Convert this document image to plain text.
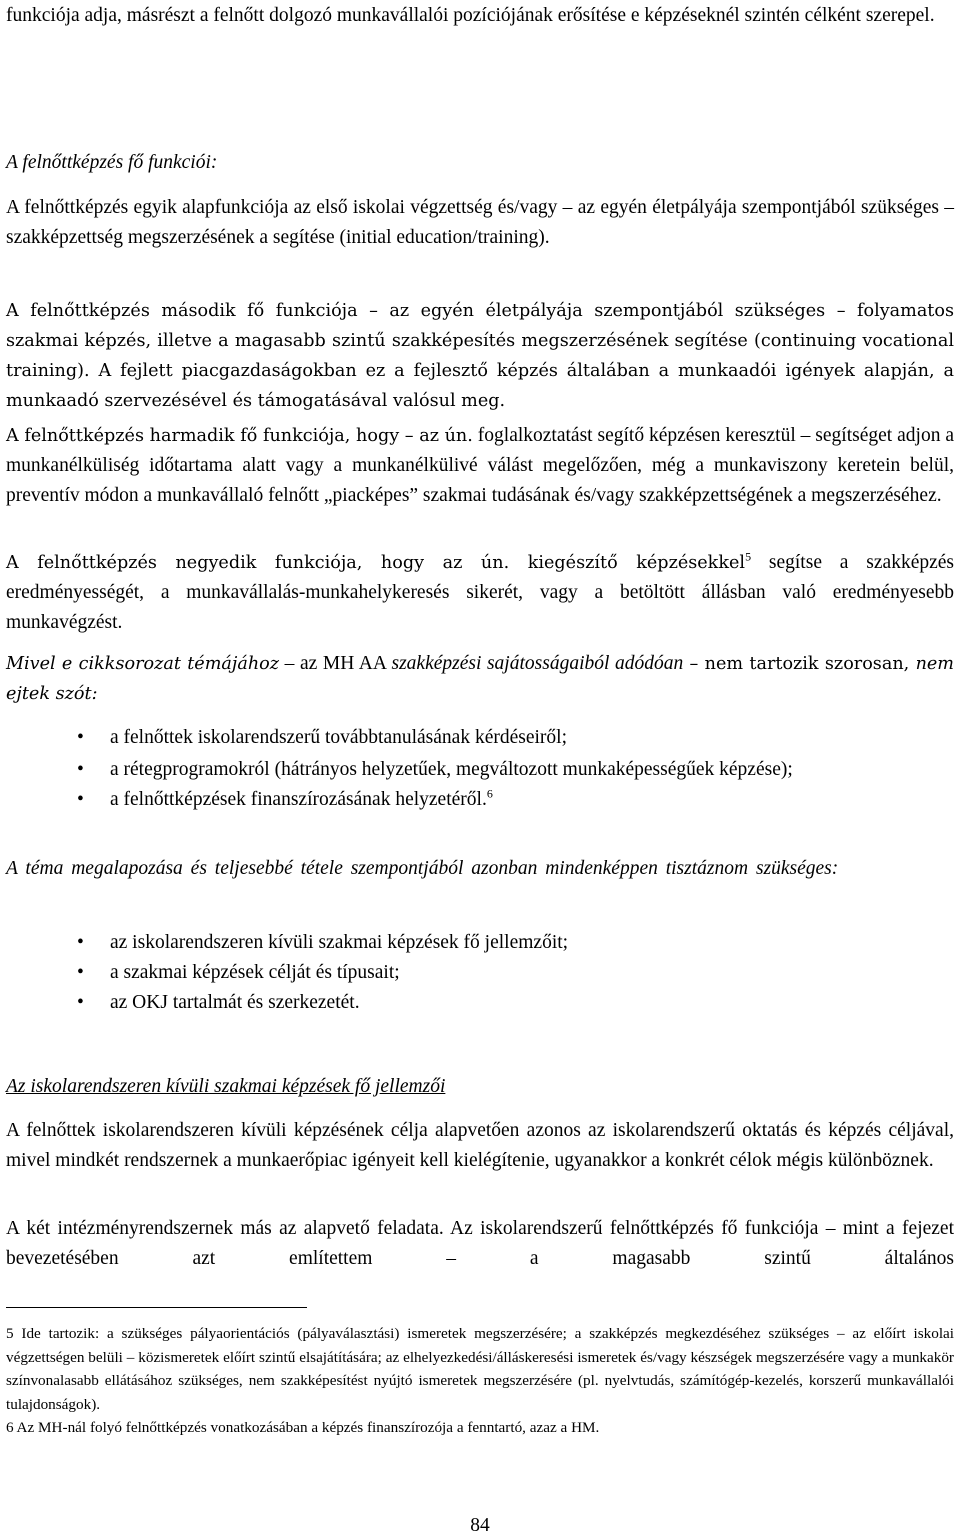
funkciója adja, másrészt a felnőtt dolgozó munkavállalói pozíciójának erősítése e képzéseknél szintén célként szerepel.

A felnőttképzés fő funkciói:

A felnőttképzés egyik alapfunkciója az első iskolai végzettség és/vagy – az egyén életpályája szempontjából szükséges – szakképzettség megszerzésének a segítése (initial education/training).

A felnőttképzés második fő funkciója – az egyén életpályája szempontjából szükséges – folyamatos szakmai képzés, illetve a magasabb szintű szakképesítés megszerzésének segítése (continuing vocational training). A fejlett piacgazdaságokban ez a fejlesztő képzés általában a munkaadói igények alapján, a munkaadó szervezésével és támogatásával valósul meg.

A felnőttképzés harmadik fő funkciója, hogy – az ún. foglalkoztatást segítő képzésen keresztül – segítséget adjon a munkanélküliség időtartama alatt vagy a munkanélkülivé válást megelőzően, még a munkaviszony keretein belül, preventív módon a munkavállaló felnőtt „piacképes” szakmai tudásának és/vagy szakképzettségének a megszerzéséhez.

A felnőttképzés negyedik funkciója, hogy az ún. kiegészítő képzésekkel$^5$ segítse a szakképzés eredményességét, a munkavállalás-munkahelykeresés sikerét, vagy a betöltött állásban való eredményesebb munkavégzést.

Mivel e cikksorozat témájához – az MH AA szakképzési sajátosságaiból adódóan – nem tartozik szorosan, nem ejtek szót:

• a felnőttek iskolarendszerű továbbtanulásának kérdéseiről;
• a rétegprogramokról (hátrányos helyzetűek, megváltozott munkaképességűek képzése);
• a felnőttképzések finanszírozásának helyzetéről.$^6$

A téma megalapozása és teljesebbé tétele szempontjából azonban mindenképpen tisztáznom szükséges:

• az iskolarendszeren kívüli szakmai képzések fő jellemzőit;
• a szakmai képzések célját és típusait;
• az OKJ tartalmát és szerkezetét.

Az iskolarendszeren kívüli szakmai képzések fő jellemzői

A felnőttek iskolarendszeren kívüli képzésének célja alapvetően azonos az iskolarendszerű oktatás és képzés céljával, mivel mindkét rendszernek a munkaerőpiac igényeit kell kielégítenie, ugyanakkor a konkrét célok mégis különböznek.

A két intézményrendszernek más az alapvető feladata. Az iskolarendszerű felnőttképzés fő funkciója – mint a fejezet bevezetésében azt említettem – a magasabb szintű általános

5 Ide tartozik: a szükséges pályaorientációs (pályaválasztási) ismeretek megszerzésére; a szakképzés megkezdéséhez szükséges – az előírt iskolai végzettségen belüli – közismeretek előírt szintű elsajátítására; az elhelyezkedési/álláskeresési ismeretek és/vagy készségek megszerzésére vagy a munkakör színvonalasabb ellátásához szükséges, nem szakképesítést nyújtó ismeretek megszerzésére (pl. nyelvtudás, számítógép-kezelés, korszerű munkavállalói tulajdonságok).

6 Az MH-nál folyó felnőttképzés vonatkozásában a képzés finanszírozója a fenntartó, azaz a HM.

84
